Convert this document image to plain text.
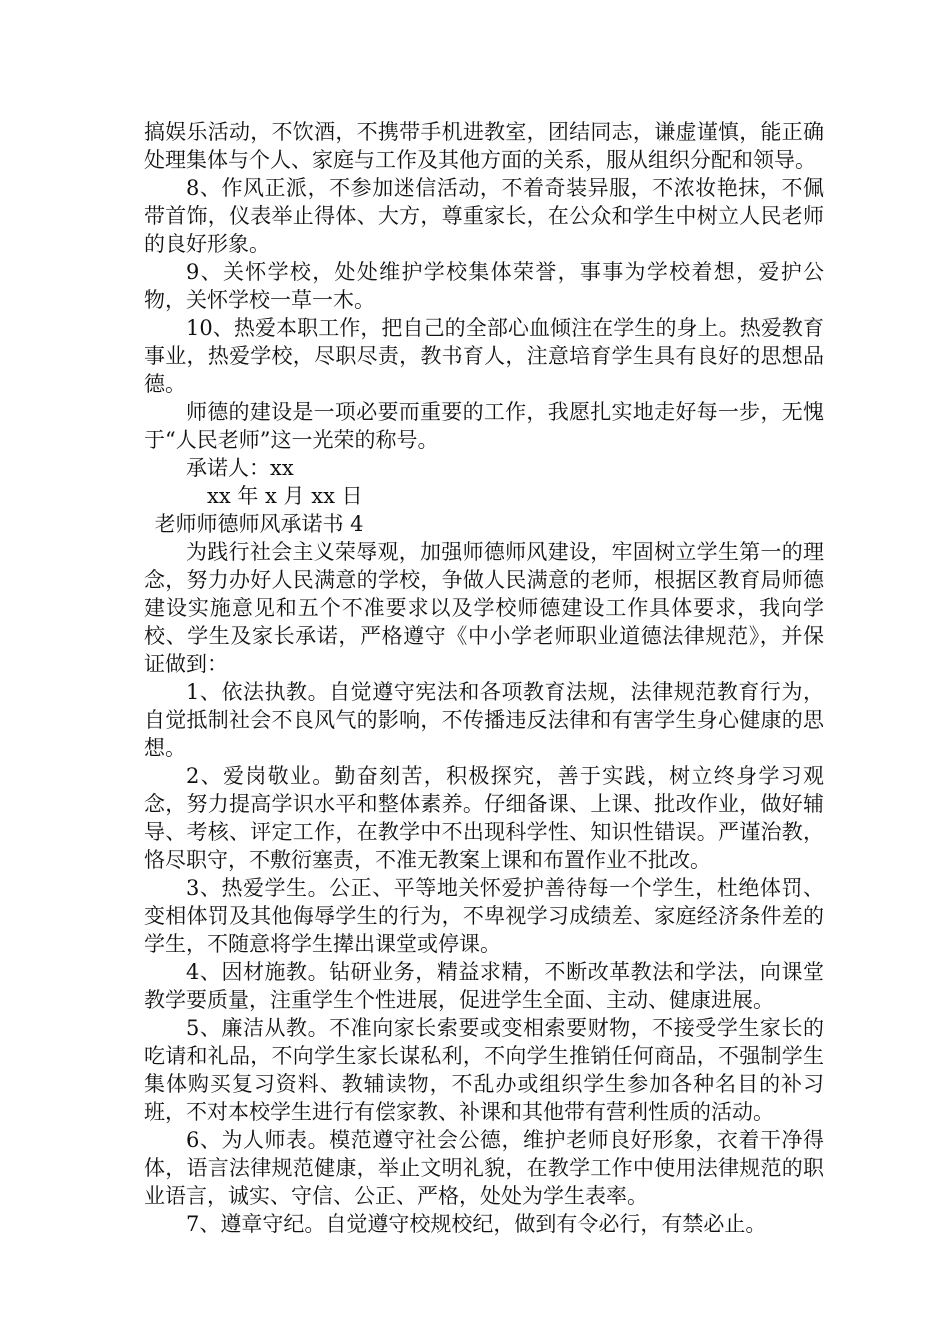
搞娱乐活动，不饮酒，不携带手机进教室，团结同志，谦虚谨慎，能正确处理集体与个人、家庭与工作及其他方面的关系，服从组织分配和领导。

8、作风正派，不参加迷信活动，不着奇装异服，不浓妆艳抹，不佩带首饰，仪表举止得体、大方，尊重家长，在公众和学生中树立人民老师的良好形象。

9、关怀学校，处处维护学校集体荣誉，事事为学校着想，爱护公物，关怀学校一草一木。

10、热爱本职工作，把自己的全部心血倾注在学生的身上。热爱教育事业，热爱学校，尽职尽责，教书育人，注意培育学生具有良好的思想品德。

师德的建设是一项必要而重要的工作，我愿扎实地走好每一步，无愧于“人民老师”这一光荣的称号。

承诺人：xx

xx 年 x 月 xx 日

老师师德师风承诺书 4

为践行社会主义荣辱观，加强师德师风建设，牢固树立学生第一的理念，努力办好人民满意的学校，争做人民满意的老师，根据区教育局师德建设实施意见和五个不准要求以及学校师德建设工作具体要求，我向学校、学生及家长承诺，严格遵守《中小学老师职业道德法律规范》，并保证做到：

1、依法执教。自觉遵守宪法和各项教育法规，法律规范教育行为，自觉抵制社会不良风气的影响，不传播违反法律和有害学生身心健康的思想。

2、爱岗敬业。勤奋刻苦，积极探究，善于实践，树立终身学习观念，努力提高学识水平和整体素养。仔细备课、上课、批改作业，做好辅导、考核、评定工作，在教学中不出现科学性、知识性错误。严谨治教，恪尽职守，不敷衍塞责，不准无教案上课和布置作业不批改。

3、热爱学生。公正、平等地关怀爱护善待每一个学生，杜绝体罚、变相体罚及其他侮辱学生的行为，不卑视学习成绩差、家庭经济条件差的学生，不随意将学生撵出课堂或停课。

4、因材施教。钻研业务，精益求精，不断改革教法和学法，向课堂教学要质量，注重学生个性进展，促进学生全面、主动、健康进展。

5、廉洁从教。不准向家长索要或变相索要财物，不接受学生家长的吃请和礼品，不向学生家长谋私利，不向学生推销任何商品，不强制学生集体购买复习资料、教辅读物，不乱办或组织学生参加各种名目的补习班，不对本校学生进行有偿家教、补课和其他带有营利性质的活动。

6、为人师表。模范遵守社会公德，维护老师良好形象，衣着干净得体，语言法律规范健康，举止文明礼貌，在教学工作中使用法律规范的职业语言，诚实、守信、公正、严格，处处为学生表率。

7、遵章守纪。自觉遵守校规校纪，做到有令必行，有禁必止。
